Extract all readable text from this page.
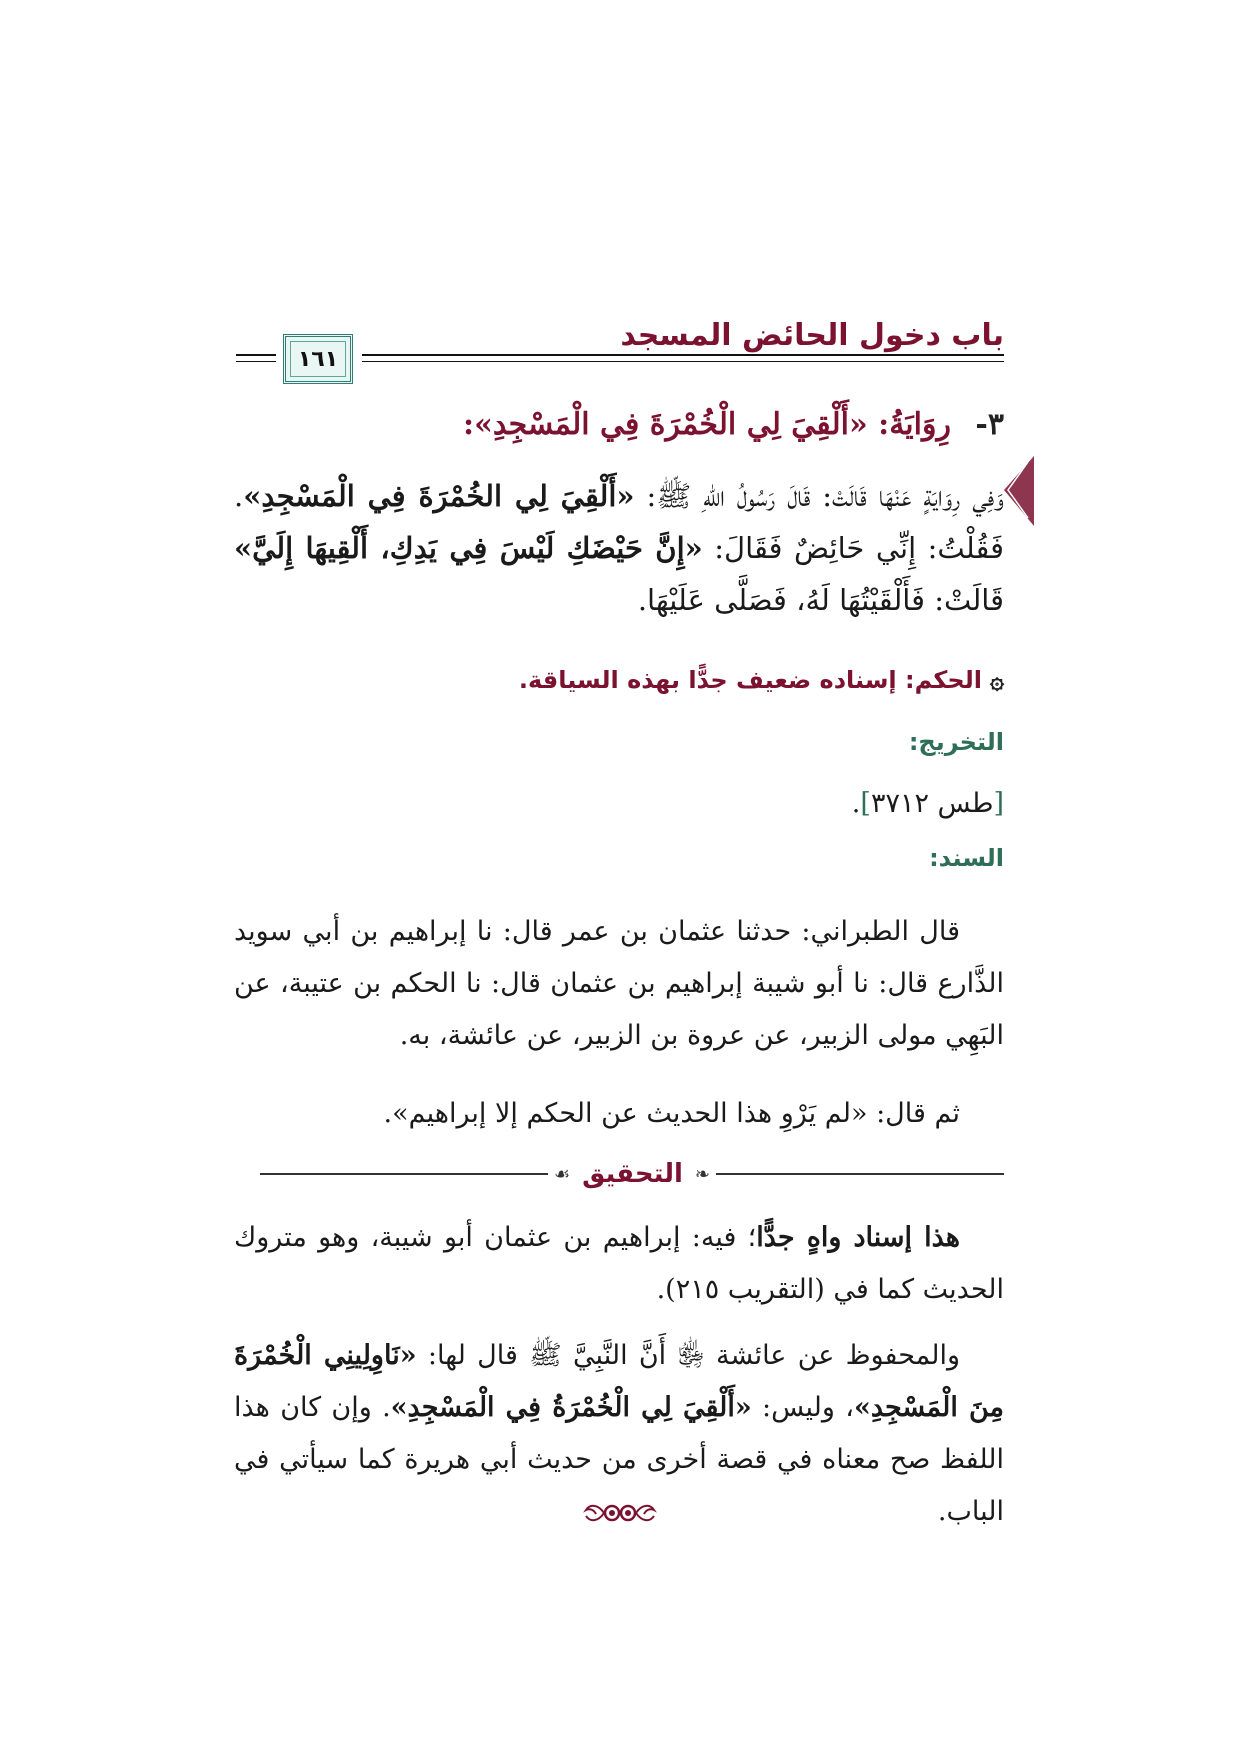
باب دخول الحائض المسجد
١٦١
٣- رِوَايَةُ: «أَلْقِيَ لِي الْخُمْرَةَ فِي الْمَسْجِدِ»:
وَفِي رِوَايَةٍ عَنْهَا قَالَتْ: قَالَ رَسُولُ اللهِ ﷺ: «أَلْقِيَ لِي الخُمْرَةَ فِي الْمَسْجِدِ». فَقُلْتُ: إِنِّي حَائِضٌ فَقَالَ: «إِنَّ حَيْضَكِ لَيْسَ فِي يَدِكِ، أَلْقِيهَا إِلَيَّ» قَالَتْ: فَأَلْقَيْتُهَا لَهُ، فَصَلَّى عَلَيْهَا.
۞الحكم: إسناده ضعيف جدًّا بهذه السياقة.
التخريج:
[طس ٣٧١٢].
السند:
قال الطبراني: حدثنا عثمان بن عمر قال: نا إبراهيم بن أبي سويد الذَّارع قال: نا أبو شيبة إبراهيم بن عثمان قال: نا الحكم بن عتيبة، عن البَهِي مولى الزبير، عن عروة بن الزبير، عن عائشة، به.
ثم قال: «لم يَرْوِ هذا الحديث عن الحكم إلا إبراهيم».
❧
التحقيق
☙
هذا إسناد واهٍ جدًّا؛ فيه: إبراهيم بن عثمان أبو شيبة، وهو متروك الحديث كما في (التقريب ٢١٥).
والمحفوظ عن عائشة ﵂ أَنَّ النَّبِيَّ ﷺ قال لها: «نَاوِلِينِي الْخُمْرَةَ مِنَ الْمَسْجِدِ»، وليس: «أَلْقِيَ لِي الْخُمْرَةُ فِي الْمَسْجِدِ». وإن كان هذا اللفظ صح معناه في قصة أخرى من حديث أبي هريرة كما سيأتي في الباب.
